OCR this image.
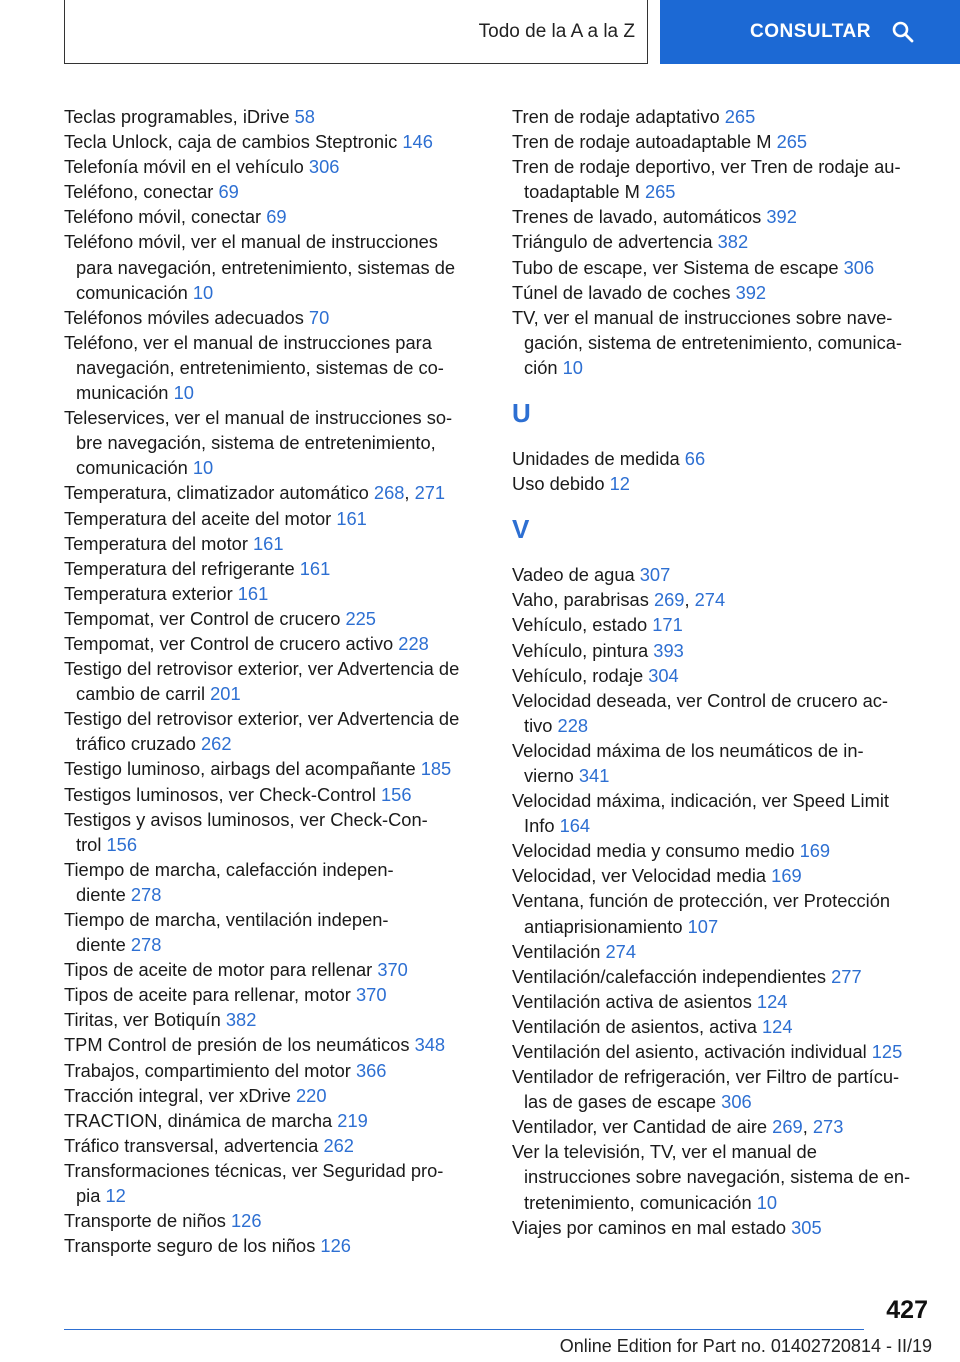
Todo de la A a la Z	CONSULTAR
Teclas programables, iDrive 58
Tecla Unlock, caja de cambios Steptronic 146
Telefonía móvil en el vehículo 306
Teléfono, conectar 69
Teléfono móvil, conectar 69
Teléfono móvil, ver el manual de instrucciones
para navegación, entretenimiento, sistemas de
comunicación 10
Teléfonos móviles adecuados 70
Teléfono, ver el manual de instrucciones para
navegación, entretenimiento, sistemas de co-
municación 10
Teleservices, ver el manual de instrucciones so-
bre navegación, sistema de entretenimiento,
comunicación 10
Temperatura, climatizador automático 268, 271
Temperatura del aceite del motor 161
Temperatura del motor 161
Temperatura del refrigerante 161
Temperatura exterior 161
Tempomat, ver Control de crucero 225
Tempomat, ver Control de crucero activo 228
Testigo del retrovisor exterior, ver Advertencia de
cambio de carril 201
Testigo del retrovisor exterior, ver Advertencia de
tráfico cruzado 262
Testigo luminoso, airbags del acompañante 185
Testigos luminosos, ver Check-Control 156
Testigos y avisos luminosos, ver Check-Con-
trol 156
Tiempo de marcha, calefacción indepen-
diente 278
Tiempo de marcha, ventilación indepen-
diente 278
Tipos de aceite de motor para rellenar 370
Tipos de aceite para rellenar, motor 370
Tiritas, ver Botiquín 382
TPM Control de presión de los neumáticos 348
Trabajos, compartimiento del motor 366
Tracción integral, ver xDrive 220
TRACTION, dinámica de marcha 219
Tráfico transversal, advertencia 262
Transformaciones técnicas, ver Seguridad pro-
pia 12
Transporte de niños 126
Transporte seguro de los niños 126
Tren de rodaje adaptativo 265
Tren de rodaje autoadaptable M 265
Tren de rodaje deportivo, ver Tren de rodaje au-
toadaptable M 265
Trenes de lavado, automáticos 392
Triángulo de advertencia 382
Tubo de escape, ver Sistema de escape 306
Túnel de lavado de coches 392
TV, ver el manual de instrucciones sobre nave-
gación, sistema de entretenimiento, comunica-
ción 10
U
Unidades de medida 66
Uso debido 12
V
Vadeo de agua 307
Vaho, parabrisas 269, 274
Vehículo, estado 171
Vehículo, pintura 393
Vehículo, rodaje 304
Velocidad deseada, ver Control de crucero ac-
tivo 228
Velocidad máxima de los neumáticos de in-
vierno 341
Velocidad máxima, indicación, ver Speed Limit
Info 164
Velocidad media y consumo medio 169
Velocidad, ver Velocidad media 169
Ventana, función de protección, ver Protección
antiaprisionamiento 107
Ventilación 274
Ventilación/calefacción independientes 277
Ventilación activa de asientos 124
Ventilación de asientos, activa 124
Ventilación del asiento, activación individual 125
Ventilador de refrigeración, ver Filtro de partícu-
las de gases de escape 306
Ventilador, ver Cantidad de aire 269, 273
Ver la televisión, TV, ver el manual de
instrucciones sobre navegación, sistema de en-
tretenimiento, comunicación 10
Viajes por caminos en mal estado 305
427
Online Edition for Part no. 01402720814 - II/19
